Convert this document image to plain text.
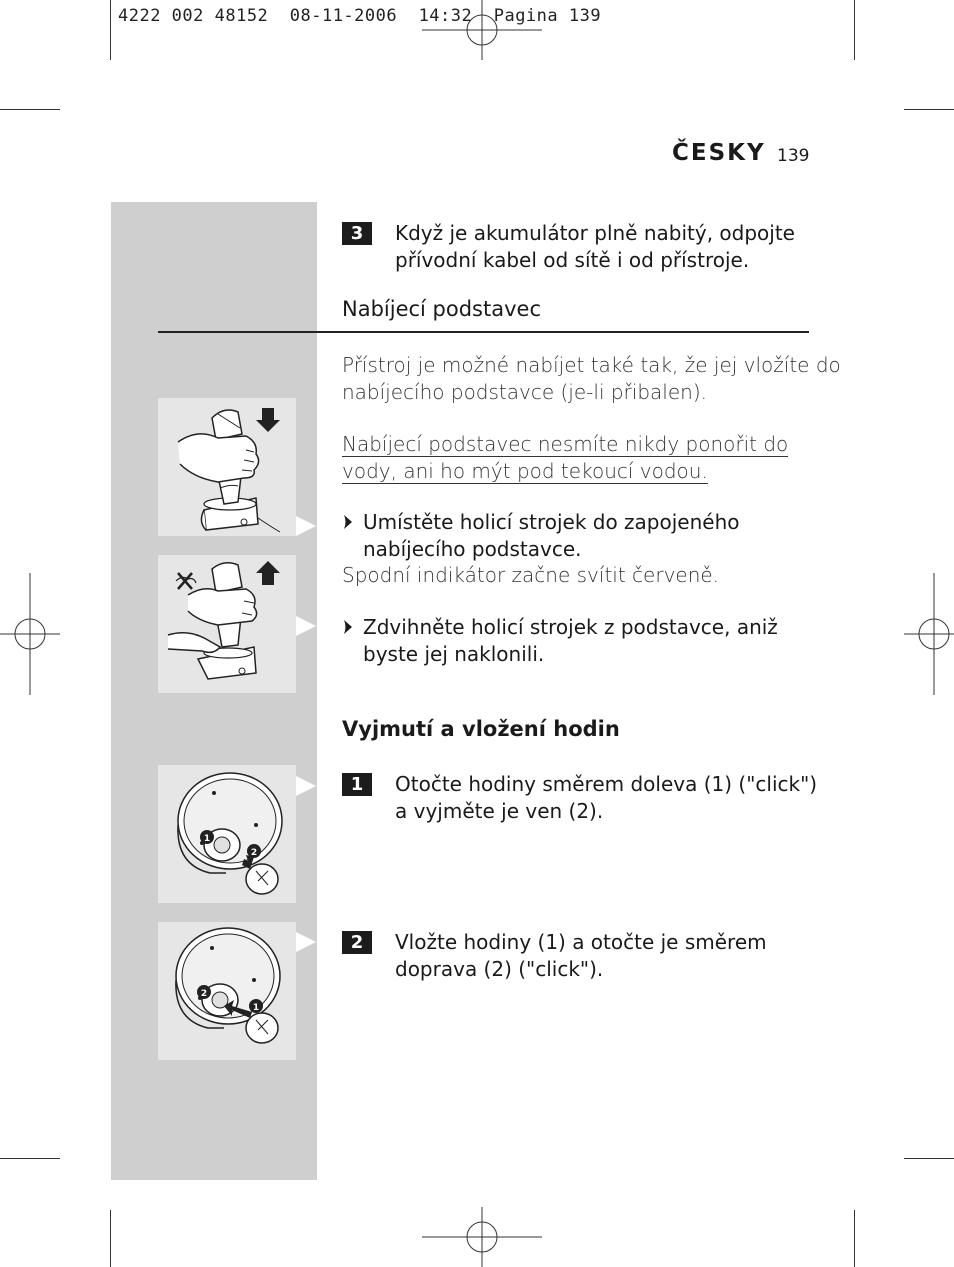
4222 002 48152  08-11-2006  14:32  Pagina 139
ČESKY 139
3	Když je akumulátor plně nabitý, odpojte
přívodní kabel od sítě i od přístroje.
Nabíjecí podstavec
Přístroj je možné nabíjet také tak, že jej vložíte do
nabíjecího podstavce (je-li přibalen).
Nabíjecí podstavec nesmíte nikdy ponořit do
vody, ani ho mýt pod tekoucí vodou.
Umístěte holicí strojek do zapojeného
nabíjecího podstavce.
Spodní indikátor začne svítit červeně.
Zdvihněte holicí strojek z podstavce, aniž
byste jej naklonili.
Vyjmutí a vložení hodin
1	Otočte hodiny směrem doleva (1) ("click")
a vyjměte je ven (2).
2	Vložte hodiny (1) a otočte je směrem
doprava (2) ("click").
1
2
2
1
